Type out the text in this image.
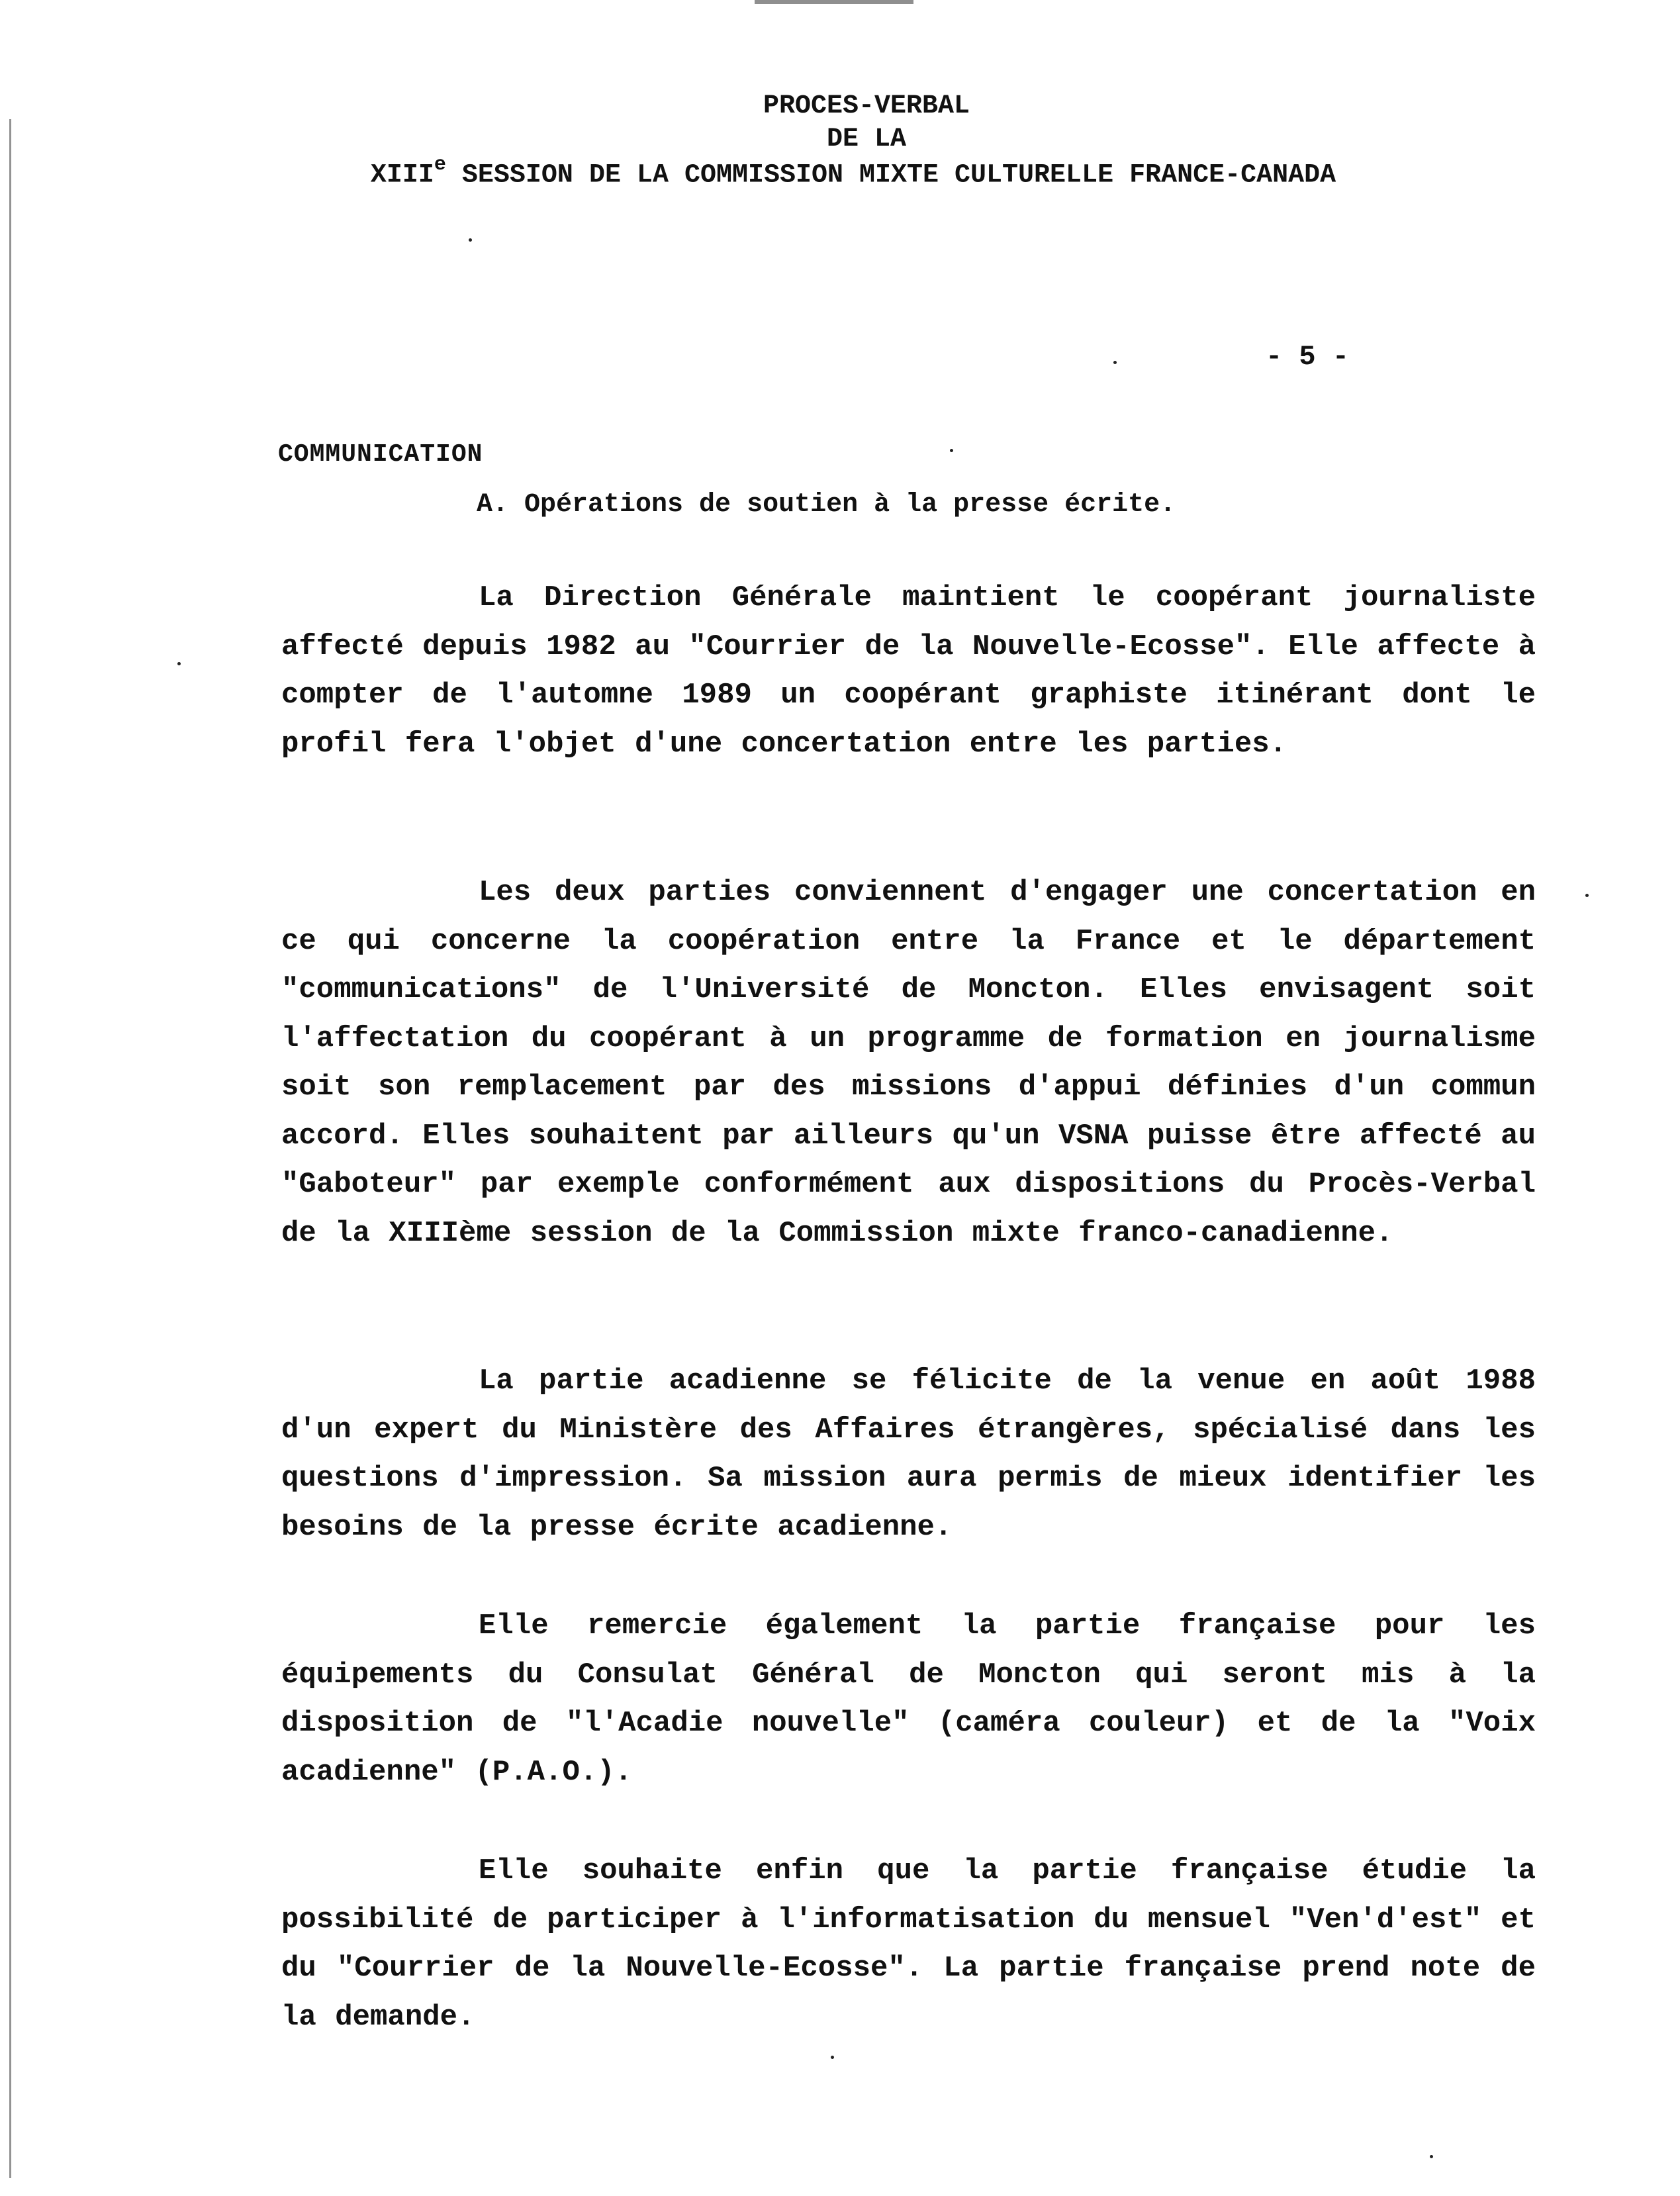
PROCES-VERBAL
DE LA
XIIIe SESSION DE LA COMMISSION MIXTE CULTURELLE FRANCE-CANADA
- 5 -
COMMUNICATION
A. Opérations de soutien à la presse écrite.

La Direction Générale maintient le coopérant journaliste affecté depuis 1982 au "Courrier de la Nouvelle-Ecosse". Elle affecte à compter de l'automne 1989 un coopérant graphiste itinérant dont le profil fera l'objet d'une concertation entre les parties.

Les deux parties conviennent d'engager une concertation en ce qui concerne la coopération entre la France et le département "communications" de l'Université de Moncton. Elles envisagent soit l'affectation du coopérant à un programme de formation en journalisme soit son remplacement par des missions d'appui définies d'un commun accord. Elles souhaitent par ailleurs qu'un VSNA puisse être affecté au "Gaboteur" par exemple conformément aux dispositions du Procès-Verbal de la XIIIème session de la Commission mixte franco-canadienne.

La partie acadienne se félicite de la venue en août 1988 d'un expert du Ministère des Affaires étrangères, spécialisé dans les questions d'impression. Sa mission aura permis de mieux identifier les besoins de la presse écrite acadienne.

Elle remercie également la partie française pour les équipements du Consulat Général de Moncton qui seront mis à la disposition de "l'Acadie nouvelle" (caméra couleur) et de la "Voix acadienne" (P.A.O.).

Elle souhaite enfin que la partie française étudie la possibilité de participer à l'informatisation du mensuel "Ven'd'est" et du "Courrier de la Nouvelle-Ecosse". La partie française prend note de la demande.
